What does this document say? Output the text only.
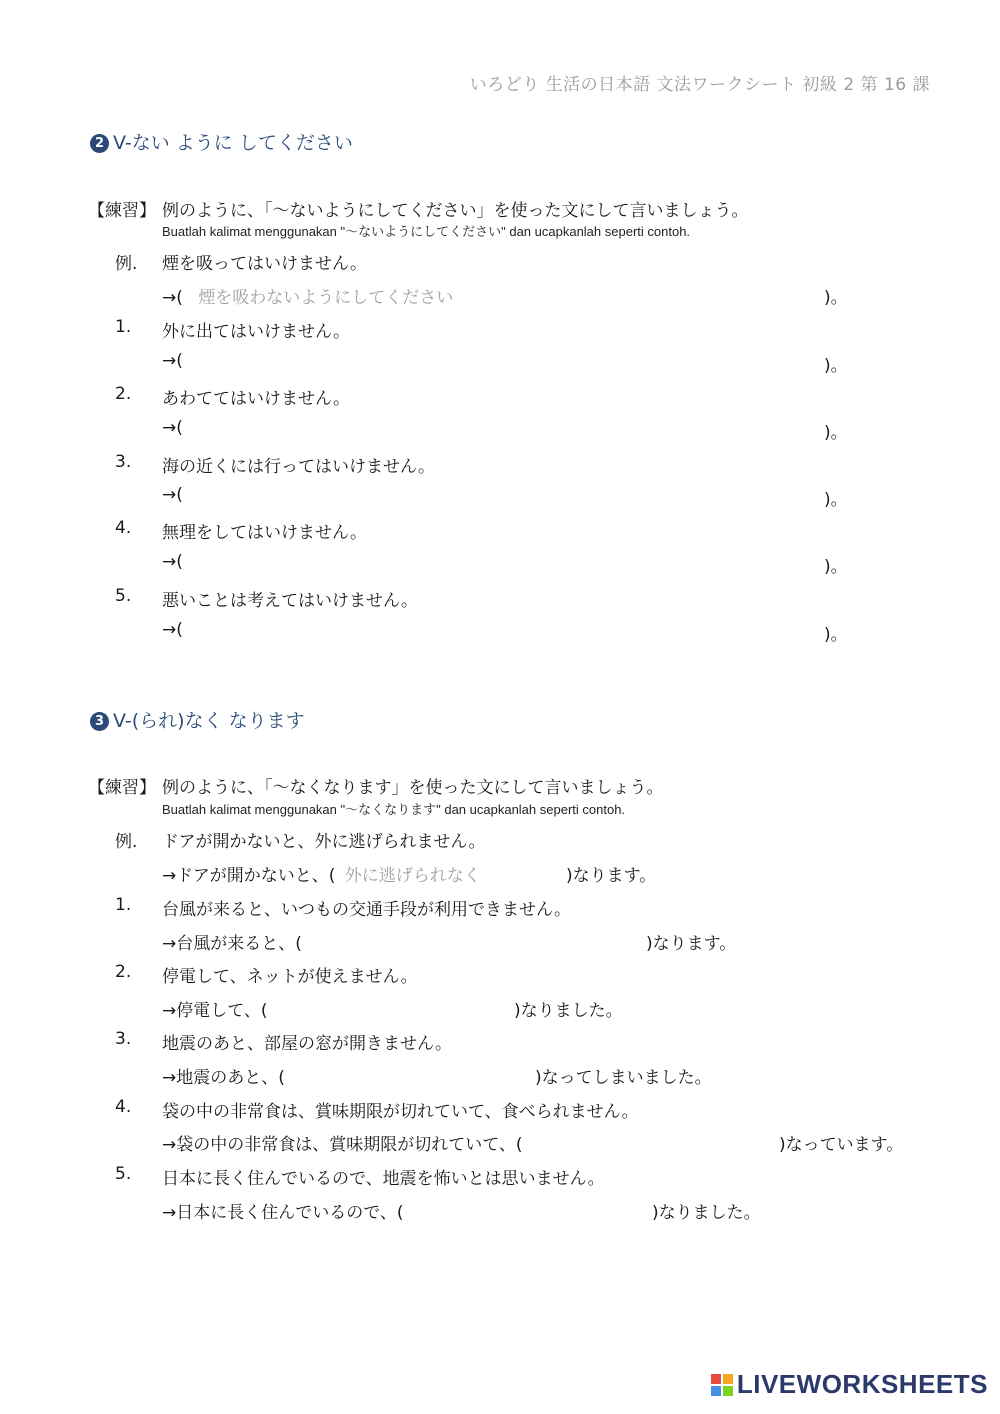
いろどり 生活の日本語 文法ワークシート 初級 2 第 16 課
2 V-ない ように してください
【練習】 例のように、「～ないようにしてください」を使った文にして言いましょう。
Buatlah kalimat menggunakan "～ないようにしてください" dan ucapkanlah seperti contoh.
例.	煙を吸ってはいけません。
→( 煙を吸わないようにしてください	)。
1.	外に出てはいけません。
→(	)。
2.	あわててはいけません。
→(	)。
3.	海の近くには行ってはいけません。
→(	)。
4.	無理をしてはいけません。
→(	)。
5.	悪いことは考えてはいけません。
→(	)。
3 V-(られ)なく なります
【練習】 例のように、「～なくなります」を使った文にして言いましょう。
Buatlah kalimat menggunakan "～なくなります" dan ucapkanlah seperti contoh.
例.	ドアが開かないと、外に逃げられません。
→ドアが開かないと、( 外に逃げられなく	)なります。
1.	台風が来ると、いつもの交通手段が利用できません。
→台風が来ると、(	)なります。
2.	停電して、ネットが使えません。
→停電して、(	)なりました。
3.	地震のあと、部屋の窓が開きません。
→地震のあと、(	)なってしまいました。
4.	袋の中の非常食は、賞味期限が切れていて、食べられません。
→袋の中の非常食は、賞味期限が切れていて、(	)なっています。
5.	日本に長く住んでいるので、地震を怖いとは思いません。
→日本に長く住んでいるので、(	)なりました。
LIVEWORKSHEETS
